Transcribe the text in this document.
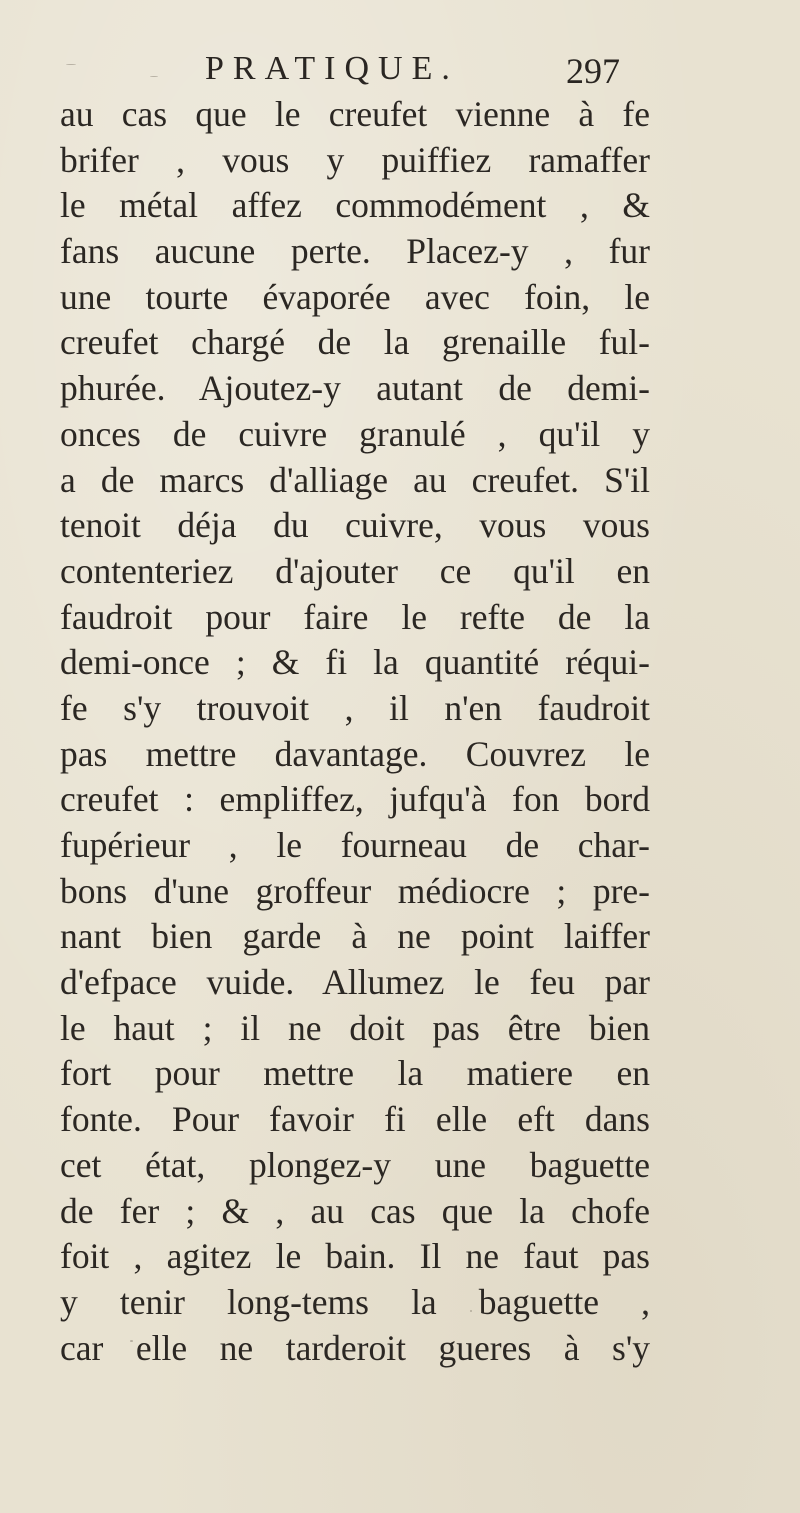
PRATIQUE.	297
au cas que le creufet vienne à fe
brifer , vous y puiffiez ramaffer
le métal affez commodément , &
fans aucune perte. Placez-y , fur
une tourte évaporée avec foin, le
creufet chargé de la grenaille ful-
phurée. Ajoutez-y autant de demi-
onces de cuivre granulé , qu'il y
a de marcs d'alliage au creufet. S'il
tenoit déja du cuivre, vous vous
contenteriez d'ajouter ce qu'il en
faudroit pour faire le refte de la
demi-once ; & fi la quantité réqui-
fe s'y trouvoit , il n'en faudroit
pas mettre davantage. Couvrez le
creufet : empliffez, jufqu'à fon bord
fupérieur , le fourneau de char-
bons d'une groffeur médiocre ; pre-
nant bien garde à ne point laiffer
d'efpace vuide. Allumez le feu par
le haut ; il ne doit pas être bien
fort pour mettre la matiere en
fonte. Pour favoir fi elle eft dans
cet état, plongez-y une baguette
de fer ; & , au cas que la chofe
foit , agitez le bain. Il ne faut pas
y tenir long-tems la baguette ,
car elle ne tarderoit gueres à s'y
